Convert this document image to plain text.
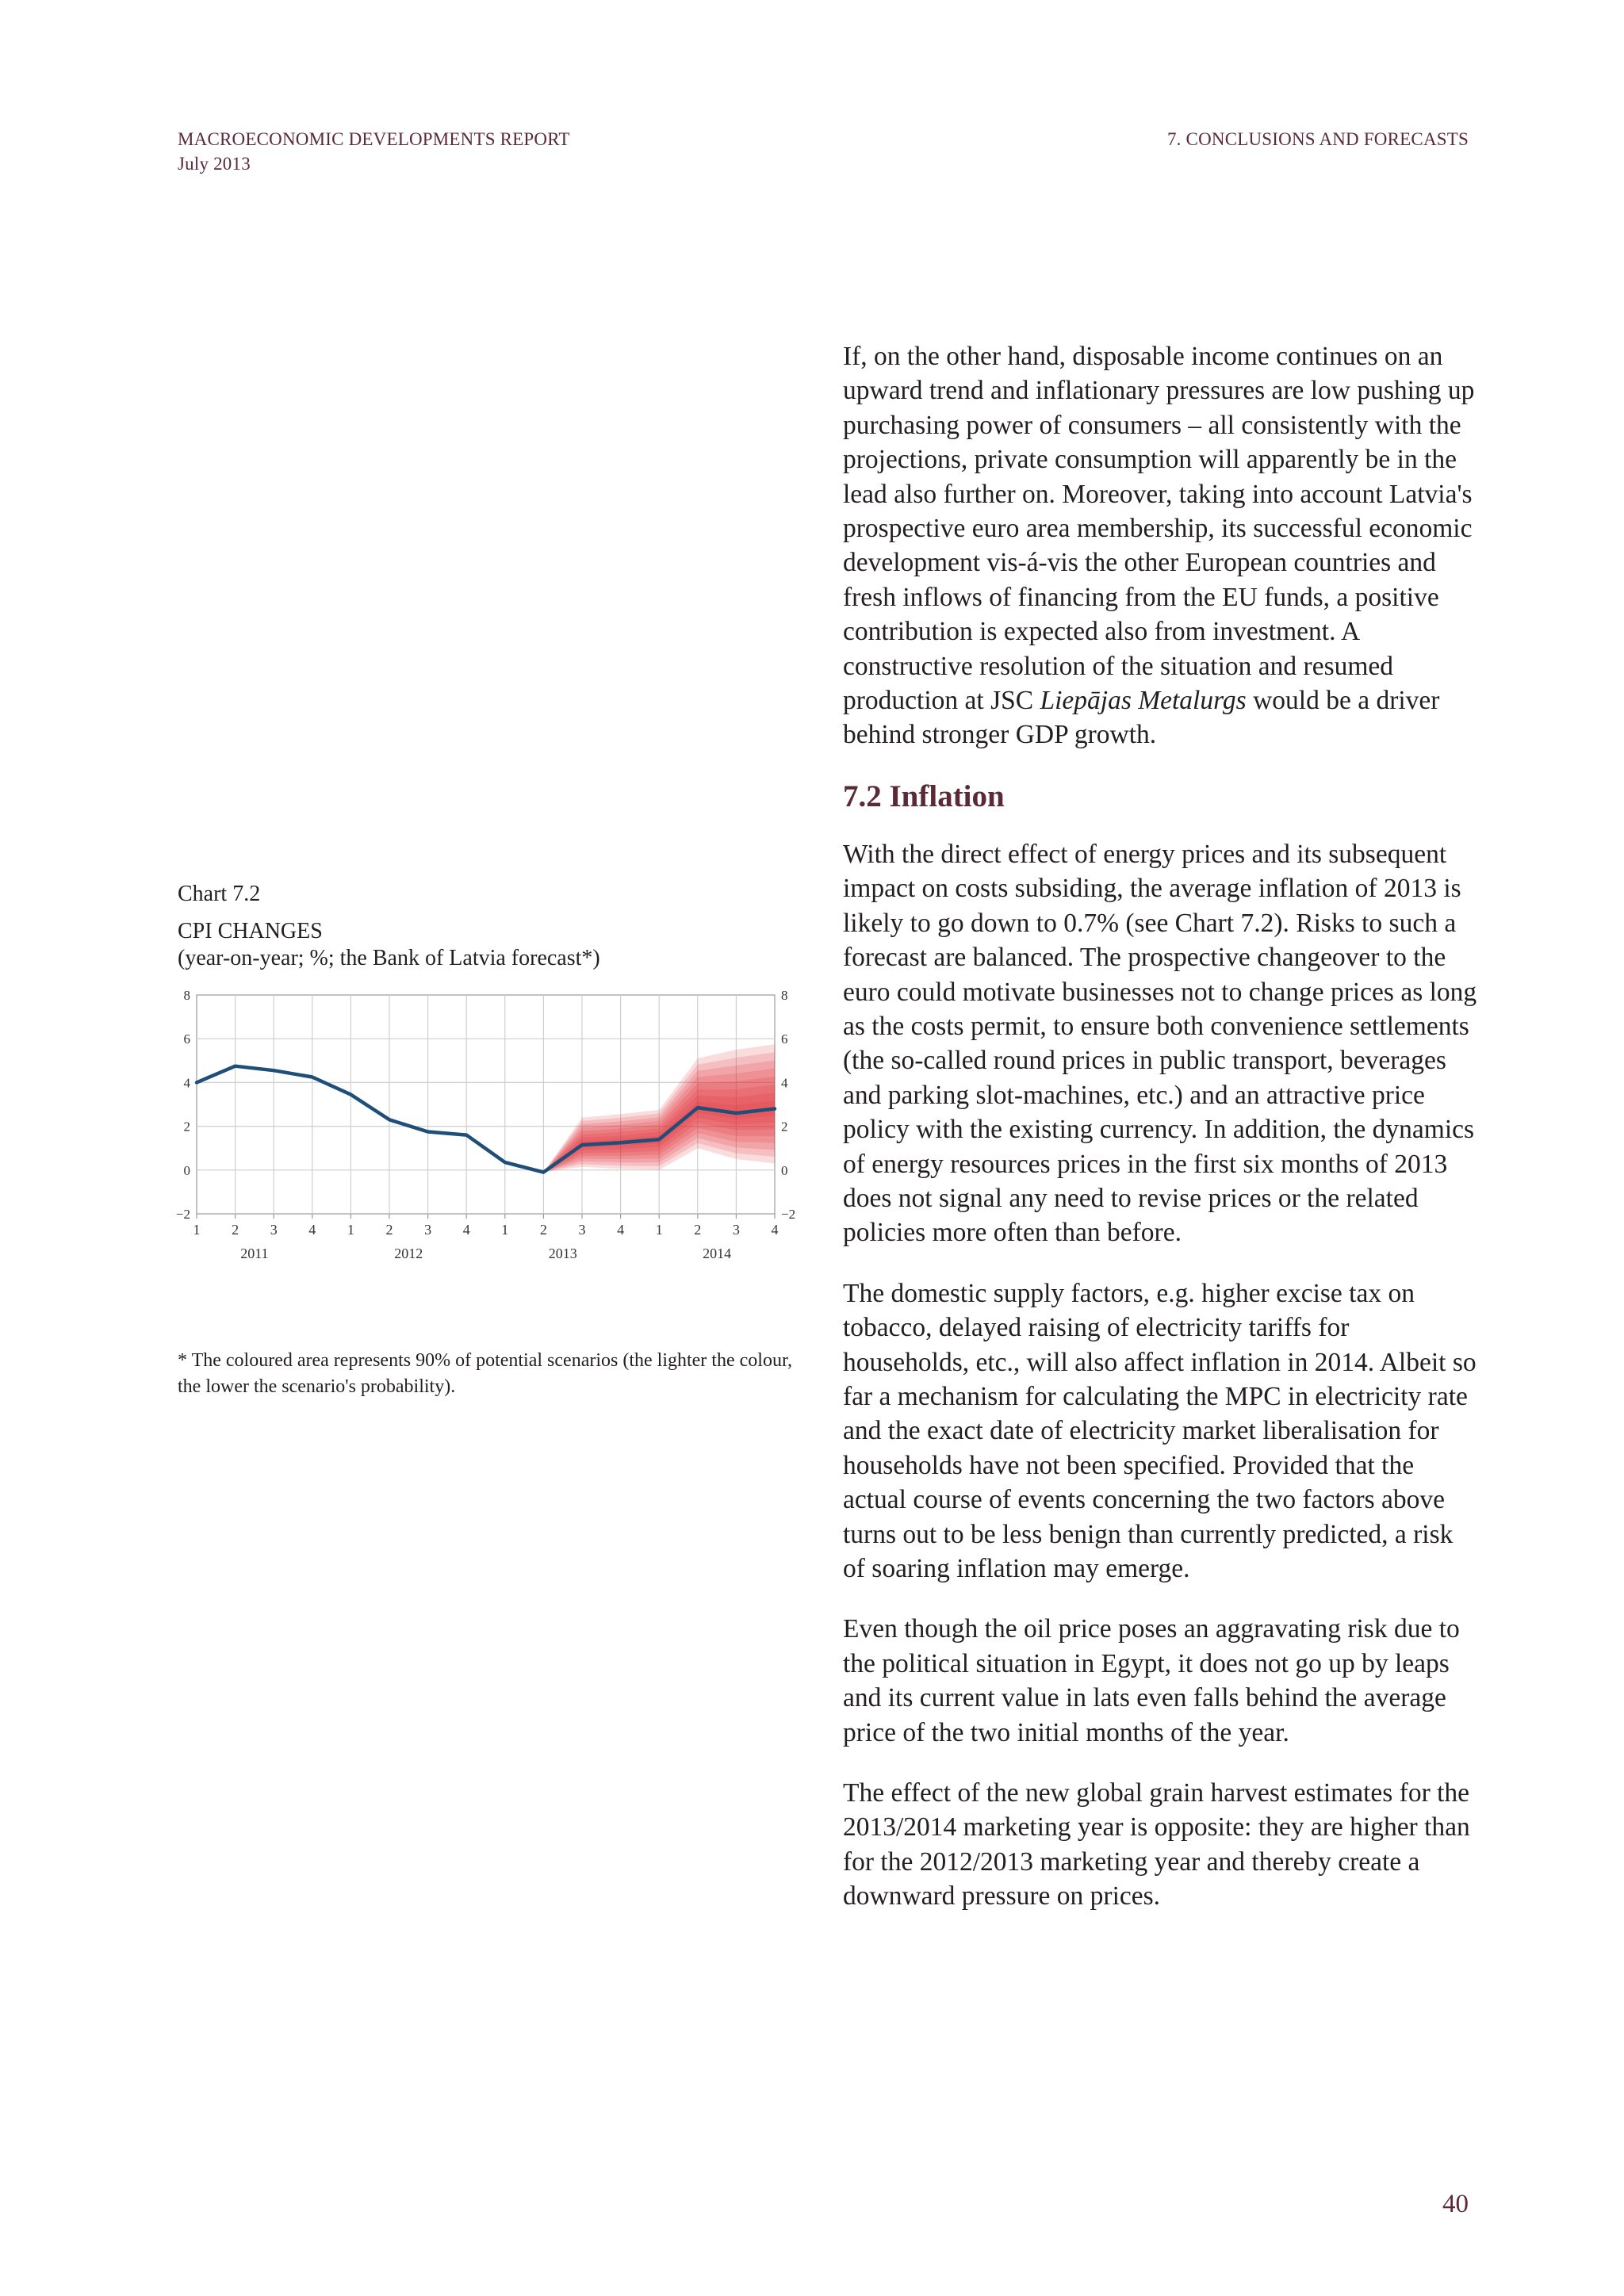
MACROECONOMIC DEVELOPMENTS REPORT
July 2013
7. CONCLUSIONS AND FORECASTS

If, on the other hand, disposable income continues on an upward trend and inflationary pressures are low pushing up purchasing power of consumers – all consistently with the projections, private consumption will apparently be in the lead also further on. Moreover, taking into account Latvia's prospective euro area membership, its successful economic development vis-á-vis the other European countries and fresh inflows of financing from the EU funds, a positive contribution is expected also from investment. A constructive resolution of the situation and resumed production at JSC Liepājas Metalurgs would be a driver behind stronger GDP growth.

7.2 Inflation

With the direct effect of energy prices and its subsequent impact on costs subsiding, the average inflation of 2013 is likely to go down to 0.7% (see Chart 7.2). Risks to such a forecast are balanced. The prospective changeover to the euro could motivate businesses not to change prices as long as the costs permit, to ensure both convenience settlements (the so-called round prices in public transport, beverages and parking slot-machines, etc.) and an attractive price policy with the existing currency. In addition, the dynamics of energy resources prices in the first six months of 2013 does not signal any need to revise prices or the related policies more often than before.

The domestic supply factors, e.g. higher excise tax on tobacco, delayed raising of electricity tariffs for households, etc., will also affect inflation in 2014. Albeit so far a mechanism for calculating the MPC in electricity rate and the exact date of electricity market liberalisation for households have not been specified. Provided that the actual course of events concerning the two factors above turns out to be less benign than currently predicted, a risk of soaring inflation may emerge.

Even though the oil price poses an aggravating risk due to the political situation in Egypt, it does not go up by leaps and its current value in lats even falls behind the average price of the two initial months of the year.

The effect of the new global grain harvest estimates for the 2013/2014 marketing year is opposite: they are higher than for the 2012/2013 marketing year and thereby create a downward pressure on prices.

Chart 7.2
CPI CHANGES
(year-on-year; %; the Bank of Latvia forecast*)
−2	−2
0	0
2	2
4	4
6	6
8	8
1 2 3 4 1 2 3 4 1 2 3 4 1 2 3 4
2011	2012	2013	2014
* The coloured area represents 90% of potential scenarios (the lighter the colour, the lower the scenario's probability).
40
